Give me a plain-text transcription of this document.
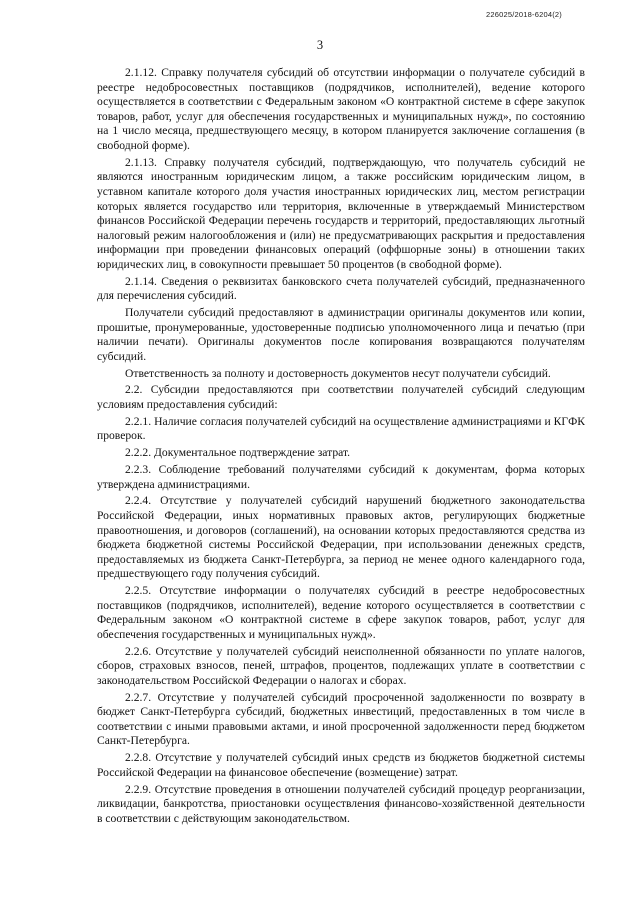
226025/2018-6204(2)
3

2.1.12. Справку получателя субсидий об отсутствии информации о получателе субсидий в реестре недобросовестных поставщиков (подрядчиков, исполнителей), ведение которого осуществляется в соответствии с Федеральным законом «О контрактной системе в сфере закупок товаров, работ, услуг для обеспечения государственных и муниципальных нужд», по состоянию на 1 число месяца, предшествующего месяцу, в котором планируется заключение соглашения (в свободной форме).

2.1.13. Справку получателя субсидий, подтверждающую, что получатель субсидий не являются иностранным юридическим лицом, а также российским юридическим лицом, в уставном капитале которого доля участия иностранных юридических лиц, местом регистрации которых является государство или территория, включенные в утверждаемый Министерством финансов Российской Федерации перечень государств и территорий, предоставляющих льготный налоговый режим налогообложения и (или) не предусматривающих раскрытия и предоставления информации при проведении финансовых операций (оффшорные зоны) в отношении таких юридических лиц, в совокупности превышает 50 процентов (в свободной форме).

2.1.14. Сведения о реквизитах банковского счета получателей субсидий, предназначенного для перечисления субсидий.

Получатели субсидий предоставляют в администрации оригиналы документов или копии, прошитые, пронумерованные, удостоверенные подписью уполномоченного лица и печатью (при наличии печати). Оригиналы документов после копирования возвращаются получателям субсидий.

Ответственность за полноту и достоверность документов несут получатели субсидий.

2.2. Субсидии предоставляются при соответствии получателей субсидий следующим условиям предоставления субсидий:

2.2.1. Наличие согласия получателей субсидий на осуществление администрациями и КГФК проверок.

2.2.2. Документальное подтверждение затрат.

2.2.3. Соблюдение требований получателями субсидий к документам, форма которых утверждена администрациями.

2.2.4. Отсутствие у получателей субсидий нарушений бюджетного законодательства Российской Федерации, иных нормативных правовых актов, регулирующих бюджетные правоотношения, и договоров (соглашений), на основании которых предоставляются средства из бюджета бюджетной системы Российской Федерации, при использовании денежных средств, предоставляемых из бюджета Санкт-Петербурга, за период не менее одного календарного года, предшествующего году получения субсидий.

2.2.5. Отсутствие информации о получателях субсидий в реестре недобросовестных поставщиков (подрядчиков, исполнителей), ведение которого осуществляется в соответствии с Федеральным законом «О контрактной системе в сфере закупок товаров, работ, услуг для обеспечения государственных и муниципальных нужд».

2.2.6. Отсутствие у получателей субсидий неисполненной обязанности по уплате налогов, сборов, страховых взносов, пеней, штрафов, процентов, подлежащих уплате в соответствии с законодательством Российской Федерации о налогах и сборах.

2.2.7. Отсутствие у получателей субсидий просроченной задолженности по возврату в бюджет Санкт-Петербурга субсидий, бюджетных инвестиций, предоставленных в том числе в соответствии с иными правовыми актами, и иной просроченной задолженности перед бюджетом Санкт-Петербурга.

2.2.8. Отсутствие у получателей субсидий иных средств из бюджетов бюджетной системы Российской Федерации на финансовое обеспечение (возмещение) затрат.

2.2.9. Отсутствие проведения в отношении получателей субсидий процедур реорганизации, ликвидации, банкротства, приостановки осуществления финансово-хозяйственной деятельности в соответствии с действующим законодательством.
